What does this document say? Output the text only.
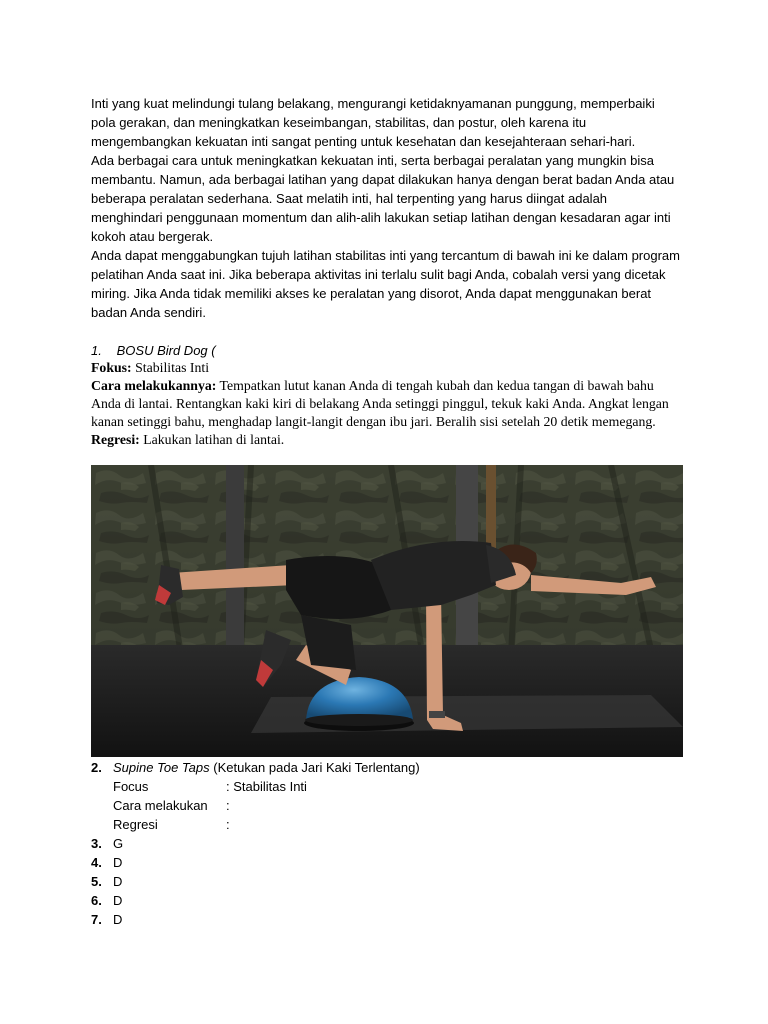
Inti yang kuat melindungi tulang belakang, mengurangi ketidaknyamanan punggung, memperbaiki pola gerakan, dan meningkatkan keseimbangan, stabilitas, dan postur, oleh karena itu mengembangkan kekuatan inti sangat penting untuk kesehatan dan kesejahteraan sehari-hari.

Ada berbagai cara untuk meningkatkan kekuatan inti, serta berbagai peralatan yang mungkin bisa membantu. Namun, ada berbagai latihan yang dapat dilakukan hanya dengan berat badan Anda atau beberapa peralatan sederhana. Saat melatih inti, hal terpenting yang harus diingat adalah menghindari penggunaan momentum dan alih-alih lakukan setiap latihan dengan kesadaran agar inti kokoh atau bergerak.

Anda dapat menggabungkan tujuh latihan stabilitas inti yang tercantum di bawah ini ke dalam program pelatihan Anda saat ini. Jika beberapa aktivitas ini terlalu sulit bagi Anda, cobalah versi yang dicetak miring. Jika Anda tidak memiliki akses ke peralatan yang disorot, Anda dapat menggunakan berat badan Anda sendiri.

1. BOSU Bird Dog (

Fokus: Stabilitas Inti

Cara melakukannya: Tempatkan lutut kanan Anda di tengah kubah dan kedua tangan di bawah bahu Anda di lantai. Rentangkan kaki kiri di belakang Anda setinggi pinggul, tekuk kaki Anda. Angkat lengan kanan setinggi bahu, menghadap langit-langit dengan ibu jari. Beralih sisi setelah 20 detik memegang.

Regresi: Lakukan latihan di lantai.

2. Supine Toe Taps (Ketukan pada Jari Kaki Terlentang)
Focus	: Stabilitas Inti
Cara melakukan :
Regresi	:
3. G
4. D
5. D
6. D
7. D
